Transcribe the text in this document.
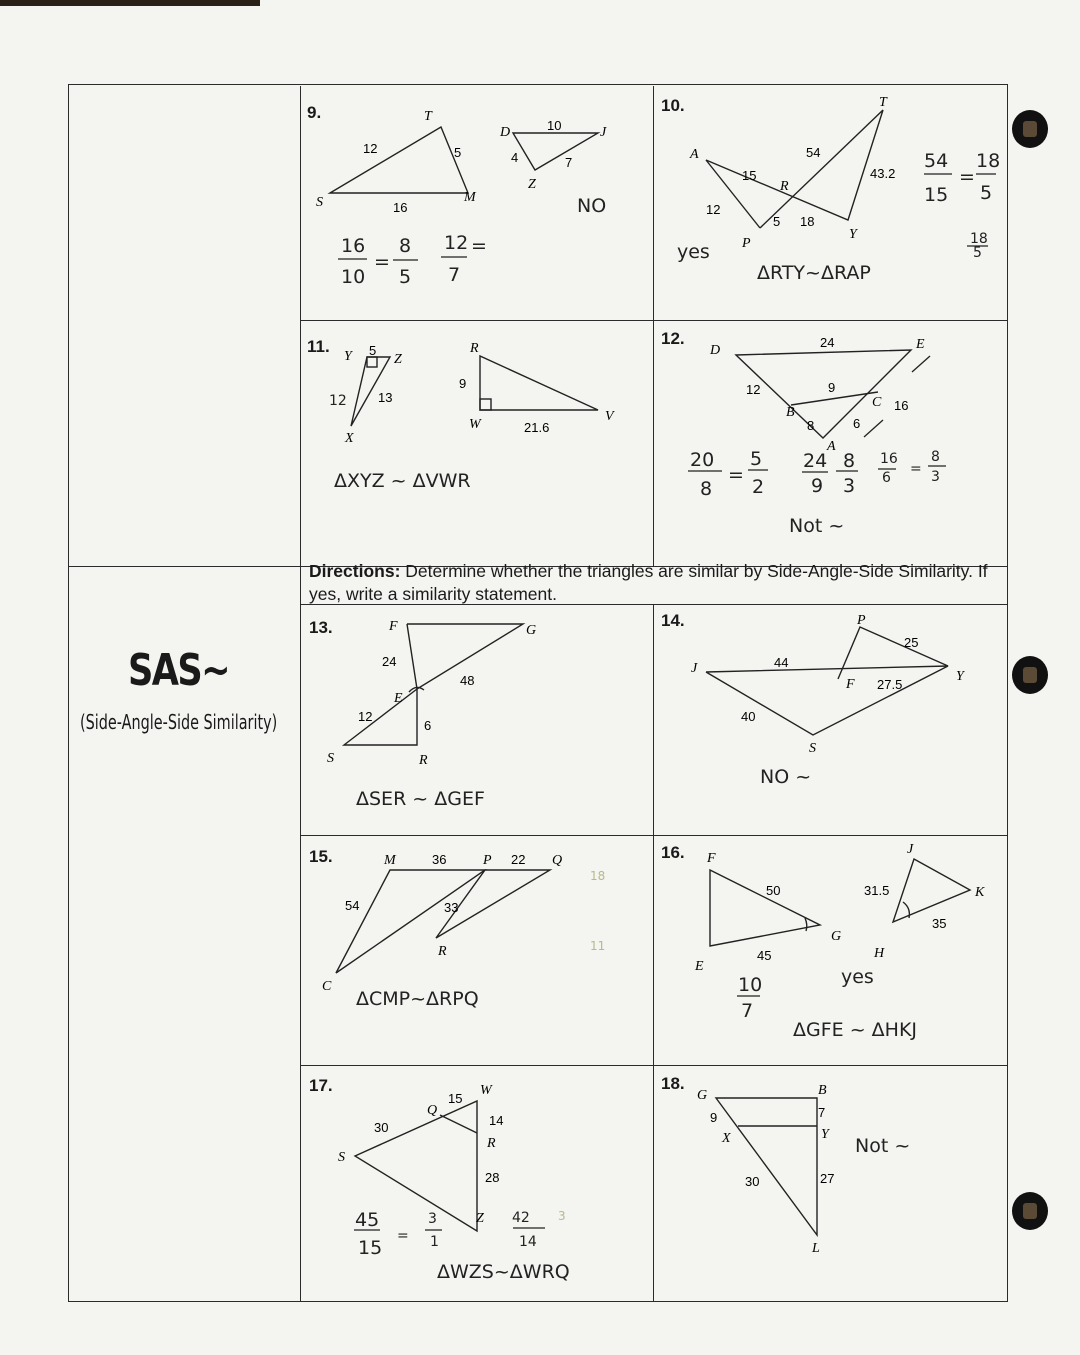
SAS~
(Side-Angle-Side Similarity)
Directions: Determine whether the triangles are similar by Side-Angle-Side Similarity. If yes, write a similarity statement.
9.	10.
11.	12.
13.	14.
15.	16.
17.	18.
T
S	M
D	J
Z
12	5
16
10
4	7
A
T
R
P
Y
15
54
43.2
12
5 18
Y	Z
X
R
W
V
5
13
9
21.6
D	E
C
B
A
24
12	9
16
8	6
F	G
E
S	R
24
48
12
6
P
J
F
Y
S
25
44
27.5
40
M	P	Q
R
C
36	22
54	33
F
J
K
G
E
H
50	31.5
35
45
W
Q
S
R
Z
15
14
30
28
G	B
X	Y
L
9	7
30	27
16
10
=
8
5
12
7
=
NO
54
15
=
18
5
18
5
yes
ΔRTY~ΔRAP
12
ΔXYZ ~ ΔVWR
20
8
=
5
2
24
9
8
3
16
6
=
8
3
Not ~
ΔSER ~ ΔGEF
NO ~
ΔCMP~ΔRPQ
18
11
10
7
yes
ΔGFE ~ ΔHKJ
45
15
=
3
1
42
14
3
ΔWZS~ΔWRQ
Not ~
